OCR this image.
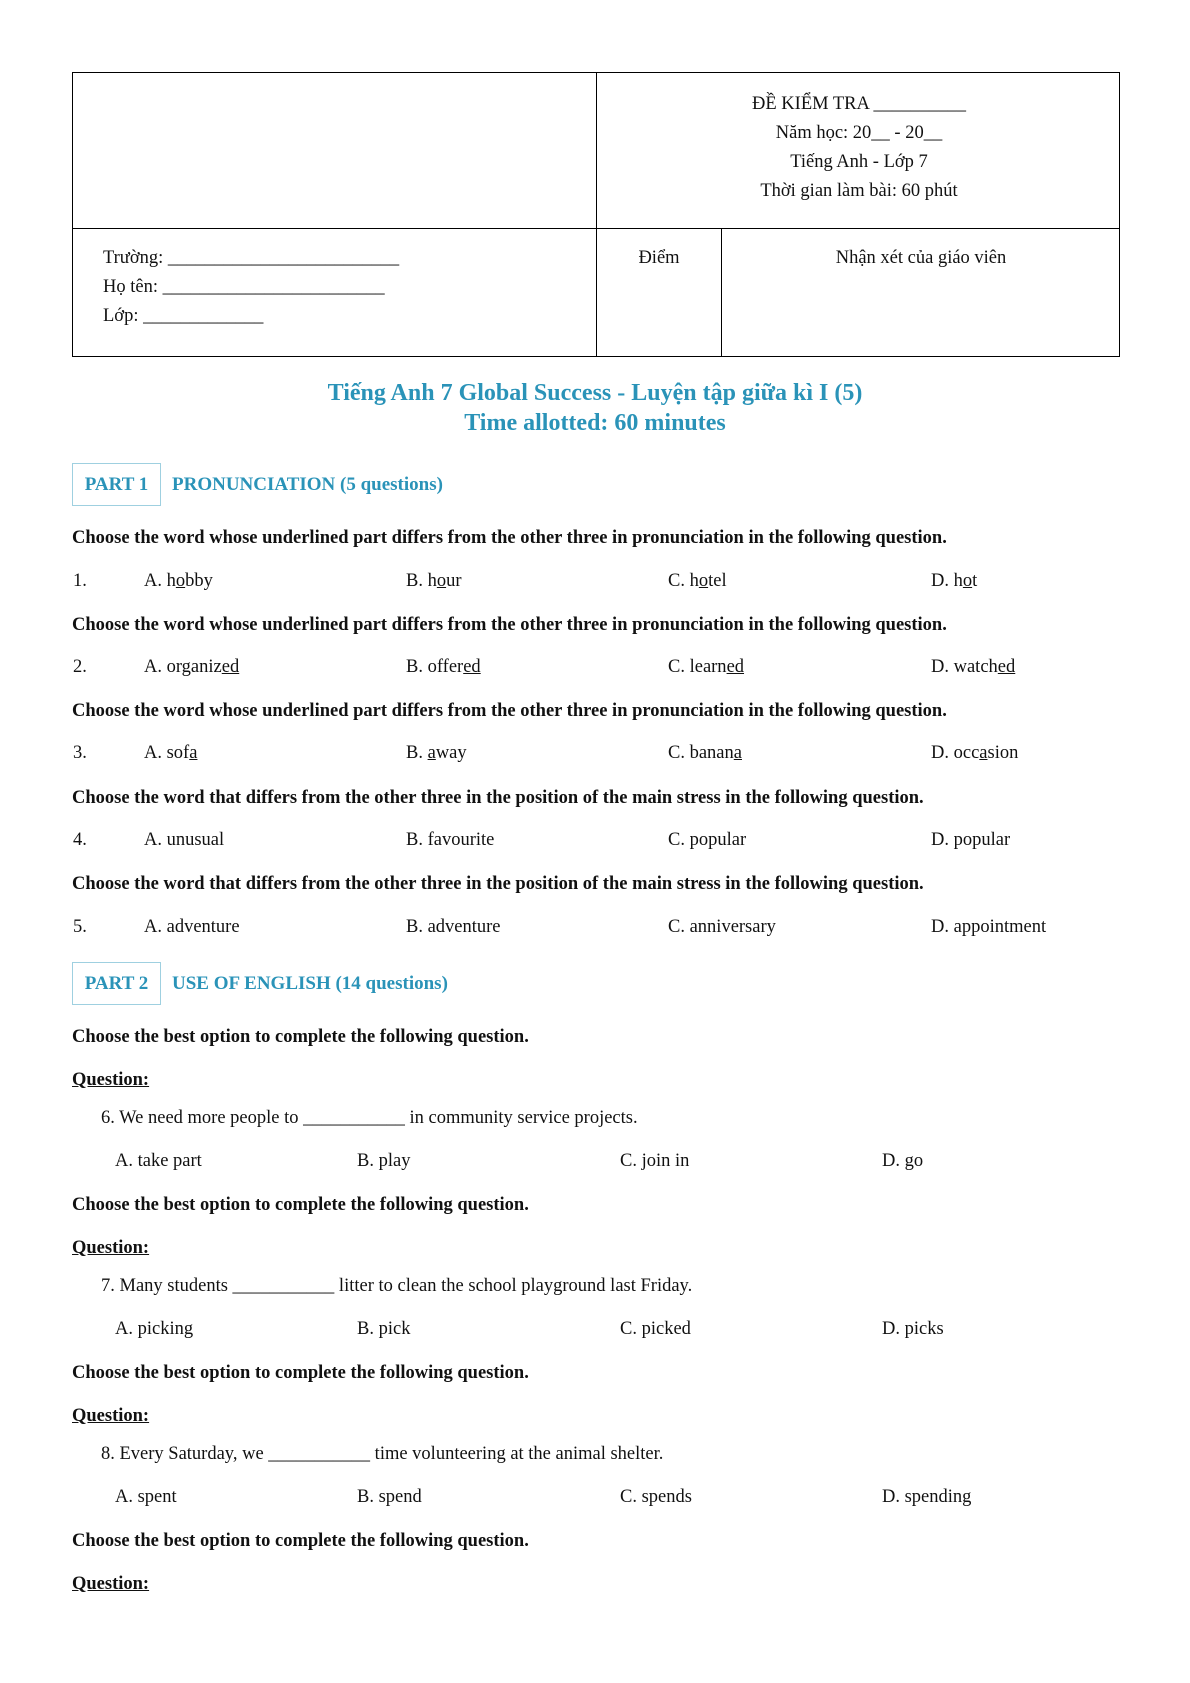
ĐỀ KIỂM TRA __________
Năm học: 20__ - 20__
Tiếng Anh - Lớp 7
Thời gian làm bài: 60 phút
Trường: _________________________
Họ tên: ________________________
Lớp: _____________
Điểm	Nhận xét của giáo viên
Tiếng Anh 7 Global Success - Luyện tập giữa kì I (5)
Time allotted: 60 minutes
PART 1	PRONUNCIATION (5 questions)
Choose the word whose underlined part differs from the other three in pronunciation in the following question.
1.	A. hobby	B. hour	C. hotel	D. hot
Choose the word whose underlined part differs from the other three in pronunciation in the following question.
2.	A. organized	B. offered	C. learned	D. watched
Choose the word whose underlined part differs from the other three in pronunciation in the following question.
3.	A. sofa	B. away	C. banana	D. occasion
Choose the word that differs from the other three in the position of the main stress in the following question.
4.	A. unusual	B. favourite	C. popular	D. popular
Choose the word that differs from the other three in the position of the main stress in the following question.
5.	A. adventure	B. adventure	C. anniversary	D. appointment
PART 2	USE OF ENGLISH (14 questions)
Choose the best option to complete the following question.
Question:
6. We need more people to ___________ in community service projects.
A. take part	B. play	C. join in	D. go
Choose the best option to complete the following question.
Question:
7. Many students ___________ litter to clean the school playground last Friday.
A. picking	B. pick	C. picked	D. picks
Choose the best option to complete the following question.
Question:
8. Every Saturday, we ___________ time volunteering at the animal shelter.
A. spent	B. spend	C. spends	D. spending
Choose the best option to complete the following question.
Question:
